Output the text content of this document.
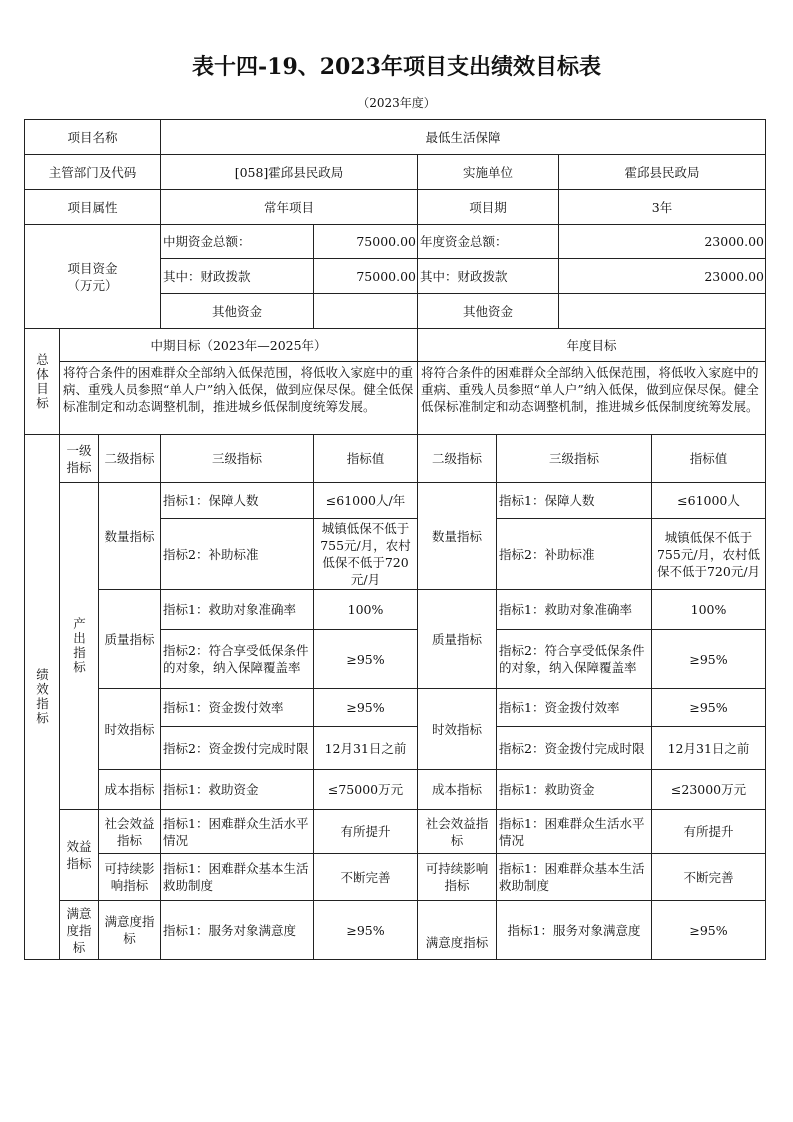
表十四-19、2023年项目支出绩效目标表
（2023年度）
项目名称	最低生活保障			
主管部门及代码	[058]霍邱县民政局		实施单位	霍邱县民政局
项目属性	常年项目		项目期	3年
项目资金
（万元）	中期资金总额：	75000.00	年度资金总额：	23000.00
	其中：财政拨款	75000.00	其中：财政拨款	23000.00
	其他资金		其他资金	
总体目标	中期目标（2023年—2025年）				年度目标		
	将符合条件的困难群众全部纳入低保范围，将低收入家庭中的重病、重残人员参照“单人户”纳入低保，做到应保尽保。健全低保标准制定和动态调整机制，推进城乡低保制度统筹发展。				将符合条件的困难群众全部纳入低保范围，将低收入家庭中的重病、重残人员参照“单人户”纳入低保，做到应保尽保。健全低保标准制定和动态调整机制，推进城乡低保制度统筹发展。		
绩效指标	一级指标	二级指标	三级指标	指标值	二级指标	三级指标	指标值
	产出指标	数量指标	指标1：保障人数	≤61000人/年	数量指标	指标1：保障人数	≤61000人
			指标2：补助标准	城镇低保不低于755元/月，农村低保不低于720元/月		指标2：补助标准	城镇低保不低于755元/月，农村低保不低于720元/月
		质量指标	指标1：救助对象准确率	100%	质量指标	指标1：救助对象准确率	100%
			指标2：符合享受低保条件的对象，纳入保障覆盖率	≥95%		指标2：符合享受低保条件的对象，纳入保障覆盖率	≥95%
		时效指标	指标1：资金拨付效率	≥95%	时效指标	指标1：资金拨付效率	≥95%
			指标2：资金拨付完成时限	12月31日之前		指标2：资金拨付完成时限	12月31日之前
		成本指标	指标1：救助资金	≤75000万元	成本指标	指标1：救助资金	≤23000万元
	效益指标	社会效益指标	指标1：困难群众生活水平情况	有所提升	社会效益指标	指标1：困难群众生活水平情况	有所提升
		可持续影响指标	指标1：困难群众基本生活救助制度	不断完善	可持续影响指标	指标1：困难群众基本生活救助制度	不断完善
	满意度指标	满意度指标	指标1：服务对象满意度	≥95%	满意度指标	指标1：服务对象满意度	≥95%
